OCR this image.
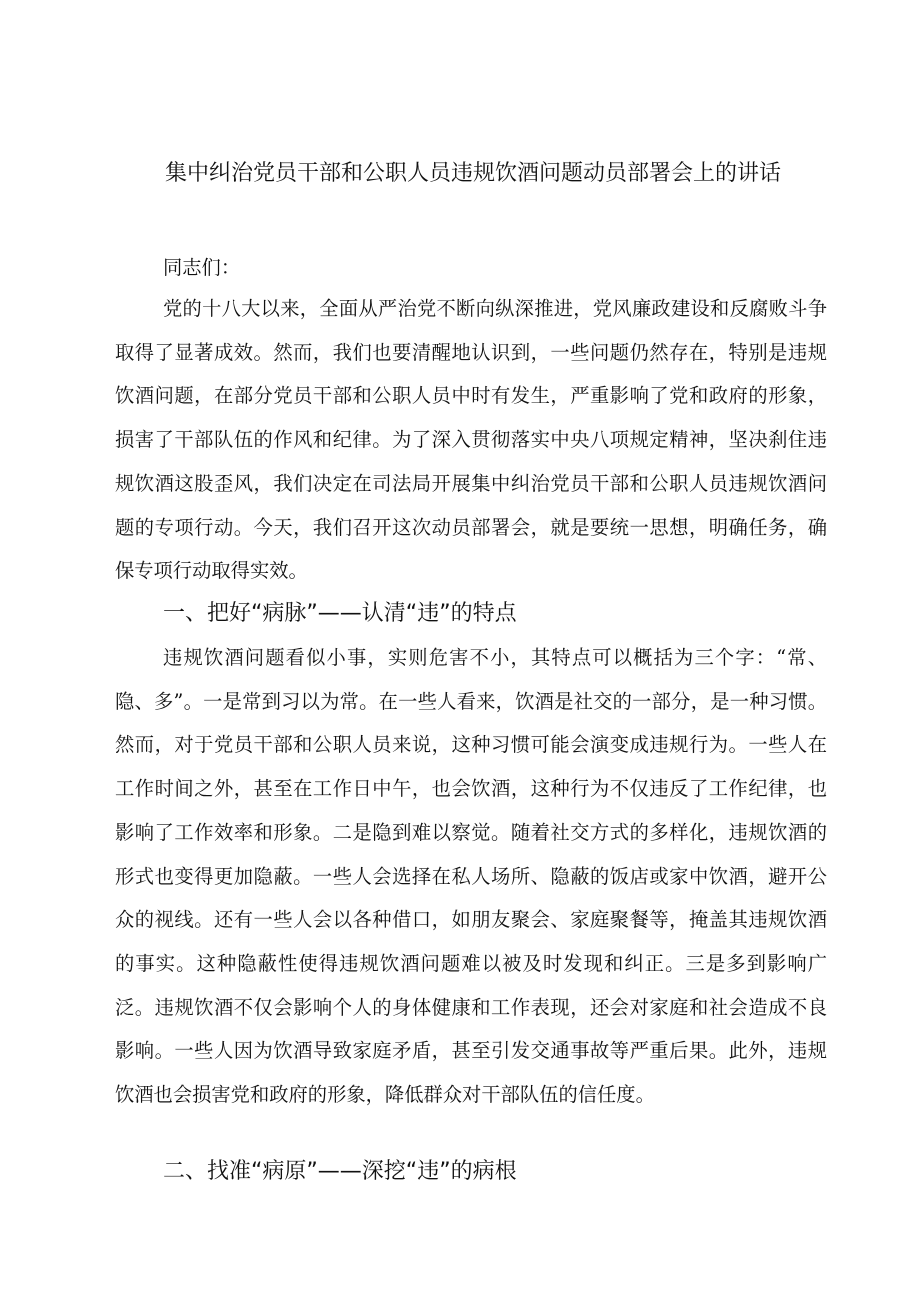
集中纠治党员干部和公职人员违规饮酒问题动员部署会上的讲话
同志们：
党的十八大以来，全面从严治党不断向纵深推进，党风廉政建设和反腐败斗争取得了显著成效。然而，我们也要清醒地认识到，一些问题仍然存在，特别是违规饮酒问题，在部分党员干部和公职人员中时有发生，严重影响了党和政府的形象，损害了干部队伍的作风和纪律。为了深入贯彻落实中央八项规定精神，坚决刹住违规饮酒这股歪风，我们决定在司法局开展集中纠治党员干部和公职人员违规饮酒问题的专项行动。今天，我们召开这次动员部署会，就是要统一思想，明确任务，确保专项行动取得实效。
一、把好“病脉”——认清“违”的特点
违规饮酒问题看似小事，实则危害不小，其特点可以概括为三个字：“常、隐、多”。一是常到习以为常。在一些人看来，饮酒是社交的一部分，是一种习惯。然而，对于党员干部和公职人员来说，这种习惯可能会演变成违规行为。一些人在工作时间之外，甚至在工作日中午，也会饮酒，这种行为不仅违反了工作纪律，也影响了工作效率和形象。二是隐到难以察觉。随着社交方式的多样化，违规饮酒的形式也变得更加隐蔽。一些人会选择在私人场所、隐蔽的饭店或家中饮酒，避开公众的视线。还有一些人会以各种借口，如朋友聚会、家庭聚餐等，掩盖其违规饮酒的事实。这种隐蔽性使得违规饮酒问题难以被及时发现和纠正。三是多到影响广泛。违规饮酒不仅会影响个人的身体健康和工作表现，还会对家庭和社会造成不良影响。一些人因为饮酒导致家庭矛盾，甚至引发交通事故等严重后果。此外，违规饮酒也会损害党和政府的形象，降低群众对干部队伍的信任度。
二、找准“病原”——深挖“违”的病根
